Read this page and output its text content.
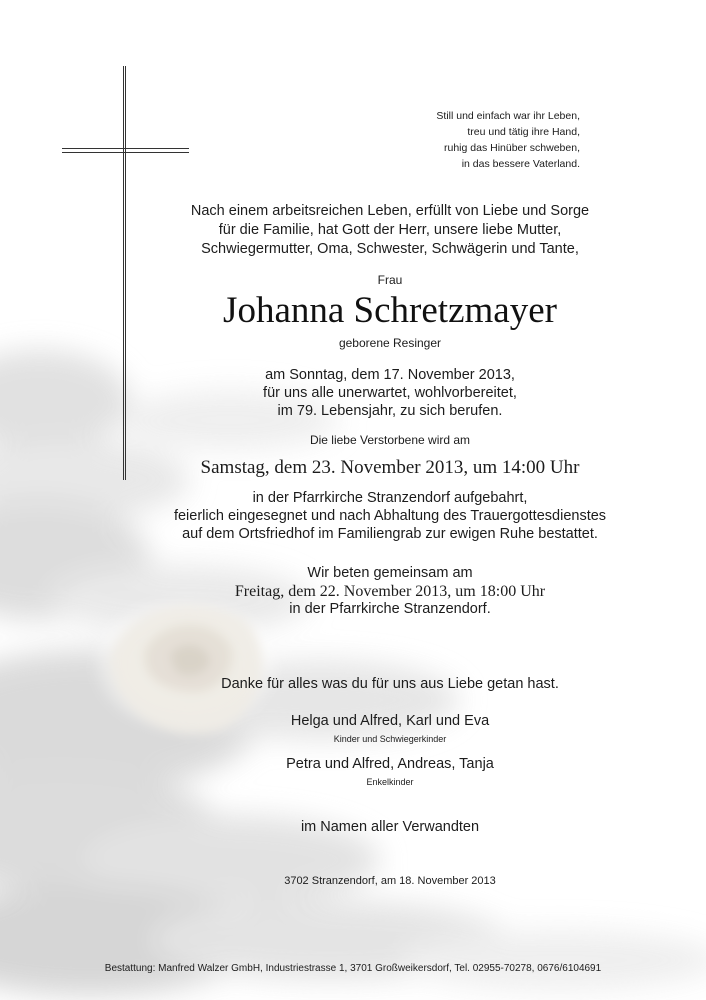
Still und einfach war ihr Leben,
treu und tätig ihre Hand,
ruhig das Hinüber schweben,
in das bessere Vaterland.
Nach einem arbeitsreichen Leben, erfüllt von Liebe und Sorge
für die Familie, hat Gott der Herr, unsere liebe Mutter,
Schwiegermutter, Oma, Schwester, Schwägerin und Tante,
Frau
Johanna Schretzmayer
geborene Resinger
am Sonntag, dem 17. November 2013,
für uns alle unerwartet, wohlvorbereitet,
im 79. Lebensjahr, zu sich berufen.
Die liebe Verstorbene wird am
Samstag, dem 23. November 2013, um 14:00 Uhr
in der Pfarrkirche Stranzendorf aufgebahrt,
feierlich eingesegnet und nach Abhaltung des Trauergottesdienstes
auf dem Ortsfriedhof im Familiengrab zur ewigen Ruhe bestattet.
Wir beten gemeinsam am
Freitag, dem 22. November 2013, um 18:00 Uhr
in der Pfarrkirche Stranzendorf.
Danke für alles was du für uns aus Liebe getan hast.
Helga und Alfred, Karl und Eva
Kinder und Schwiegerkinder
Petra und Alfred, Andreas, Tanja
Enkelkinder
im Namen aller Verwandten
3702 Stranzendorf, am 18. November 2013
Bestattung: Manfred Walzer GmbH, Industriestrasse 1, 3701 Großweikersdorf, Tel. 02955-70278, 0676/6104691
